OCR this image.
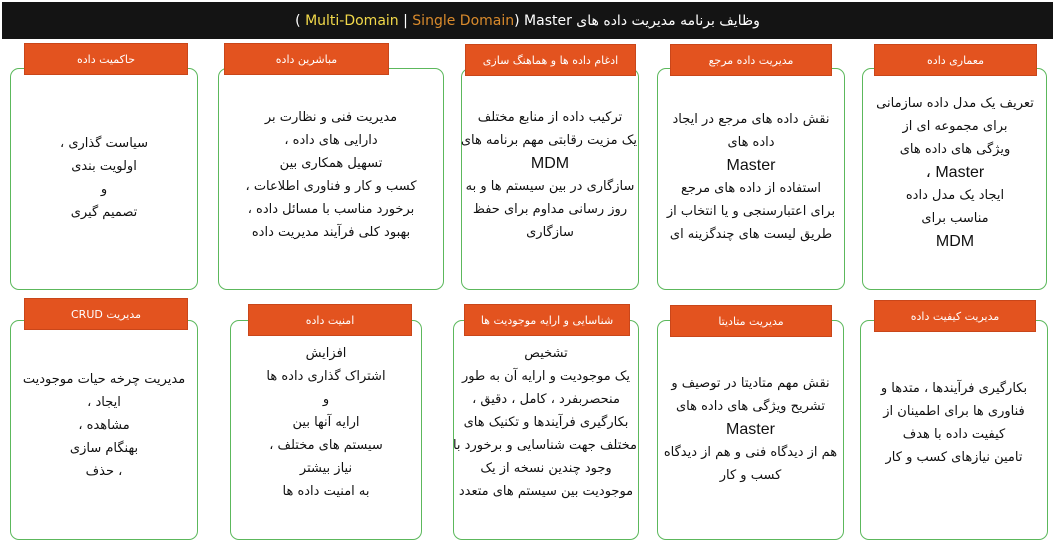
وظایف برنامه مدیریت داده های Master (
Single Domain
|
Multi-Domain
)
معماری داده
تعریف یک مدل داده سازمانی
برای مجموعه ای از
ویژگی های داده های
Master ،
ایجاد یک مدل داده
مناسب برای
MDM
مدیریت داده مرجع
نقش داده های مرجع در ایجاد
داده های
Master
استفاده از داده های مرجع
برای اعتبارسنجی و یا انتخاب از
طریق لیست های چندگزینه ای
ادغام داده ها و هماهنگ سازی
ترکیب داده از منابع مختلف
یک مزیت رقابتی مهم برنامه های
MDM
سازگاری در بین سیستم ها و به
روز رسانی مداوم برای حفظ
سازگاری
مباشرین داده
مدیریت فنی و نظارت بر
دارایی های داده ،
تسهیل همکاری بین
کسب و کار و فناوری اطلاعات ،
برخورد مناسب با مسائل داده ،
بهبود کلی فرآیند مدیریت داده
حاکمیت داده
سیاست گذاری ،
اولویت بندی
و
تصمیم گیری
مدیریت کیفیت داده
بکارگیری فرآیندها ، متدها و
فناوری ها برای اطمینان از
کیفیت داده با هدف
تامین نیازهای کسب و کار
مدیریت متادیتا
نقش مهم متادیتا در توصیف و
تشریح ویژگی های داده های
Master
هم از دیدگاه فنی و هم از دیدگاه
کسب و کار
شناسایی و ارایه موجودیت ها
تشخیص
یک موجودیت و ارایه آن به طور
منحصربفرد ، کامل ، دقیق ،
بکارگیری فرآیندها و تکنیک های
مختلف جهت شناسایی و برخورد با
وجود چندین نسخه از یک
موجودیت بین سیستم های متعدد
امنیت داده
افزایش
اشتراک گذاری داده ها
و
ارایه آنها بین
سیستم های مختلف ،
نیاز بیشتر
به امنیت داده ها
مدیریت CRUD
مدیریت چرخه حیات موجودیت
ایجاد ،
مشاهده ،
بهنگام سازی
، حذف
